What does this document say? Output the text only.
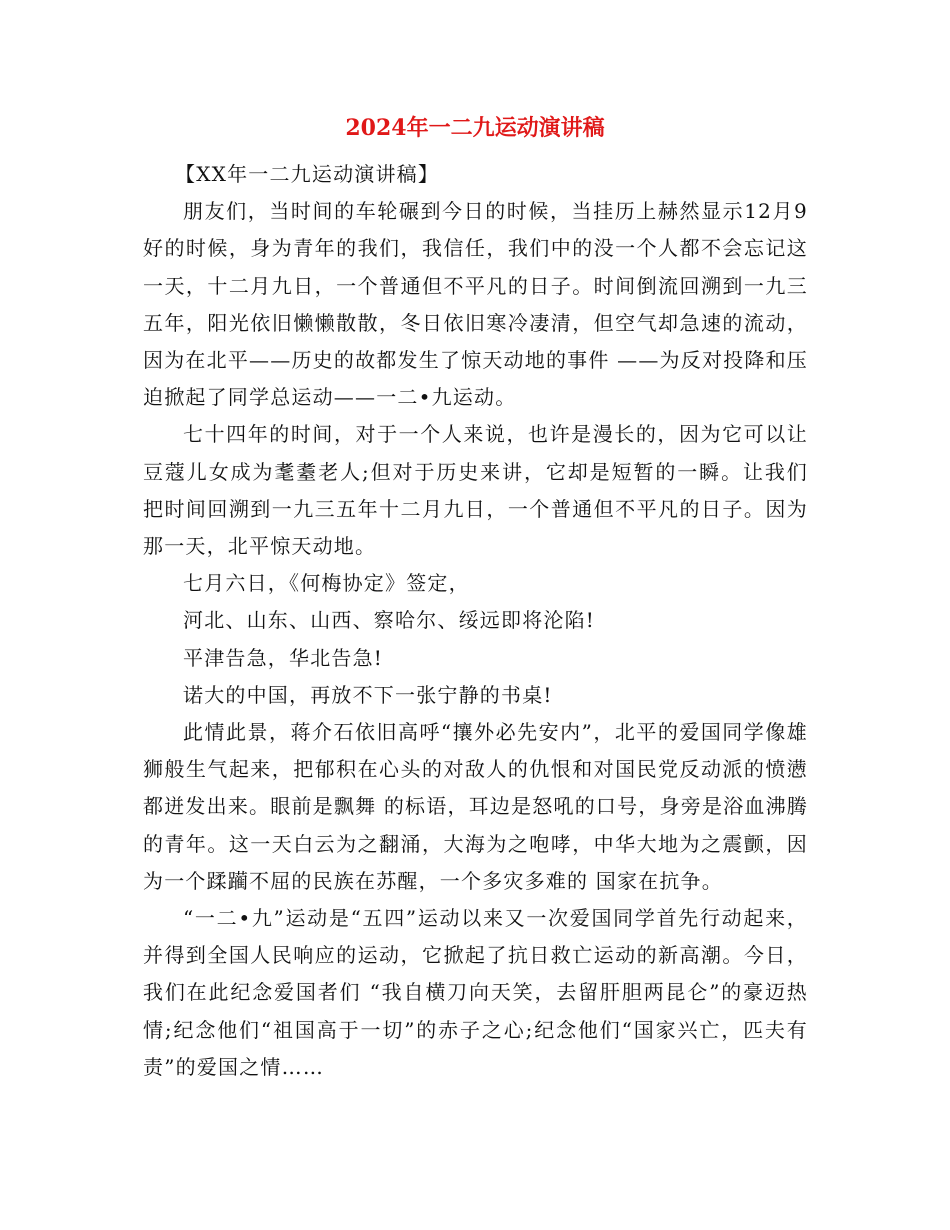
2024年一二九运动演讲稿

【XX年一二九运动演讲稿】

朋友们，当时间的车轮碾到今日的时候，当挂历上赫然显示12月9好的时候，身为青年的我们，我信任，我们中的没一个人都不会忘记这一天，十二月九日，一个普通但不平凡的日子。时间倒流回溯到一九三五年，阳光依旧懒懒散散，冬日依旧寒冷凄清，但空气却急速的流动，因为在北平——历史的故都发生了惊天动地的事件 ——为反对投降和压迫掀起了同学总运动——一二•九运动。

七十四年的时间，对于一个人来说，也许是漫长的，因为它可以让豆蔻儿女成为耄耋老人;但对于历史来讲，它却是短暂的一瞬。让我们把时间回溯到一九三五年十二月九日，一个普通但不平凡的日子。因为那一天，北平惊天动地。

七月六日，《何梅协定》签定，

河北、山东、山西、察哈尔、绥远即将沦陷!

平津告急，华北告急!

诺大的中国，再放不下一张宁静的书桌!

此情此景，蒋介石依旧高呼“攘外必先安内”，北平的爱国同学像雄狮般生气起来，把郁积在心头的对敌人的仇恨和对国民党反动派的愤懑都迸发出来。眼前是飘舞 的标语，耳边是怒吼的口号，身旁是浴血沸腾的青年。这一天白云为之翻涌，大海为之咆哮，中华大地为之震颤，因为一个蹂躏不屈的民族在苏醒，一个多灾多难的 国家在抗争。

“一二•九”运动是“五四”运动以来又一次爱国同学首先行动起来，并得到全国人民响应的运动，它掀起了抗日救亡运动的新高潮。今日，我们在此纪念爱国者们 “我自横刀向天笑，去留肝胆两昆仑”的豪迈热情;纪念他们“祖国高于一切”的赤子之心;纪念他们“国家兴亡，匹夫有责”的爱国之情……
